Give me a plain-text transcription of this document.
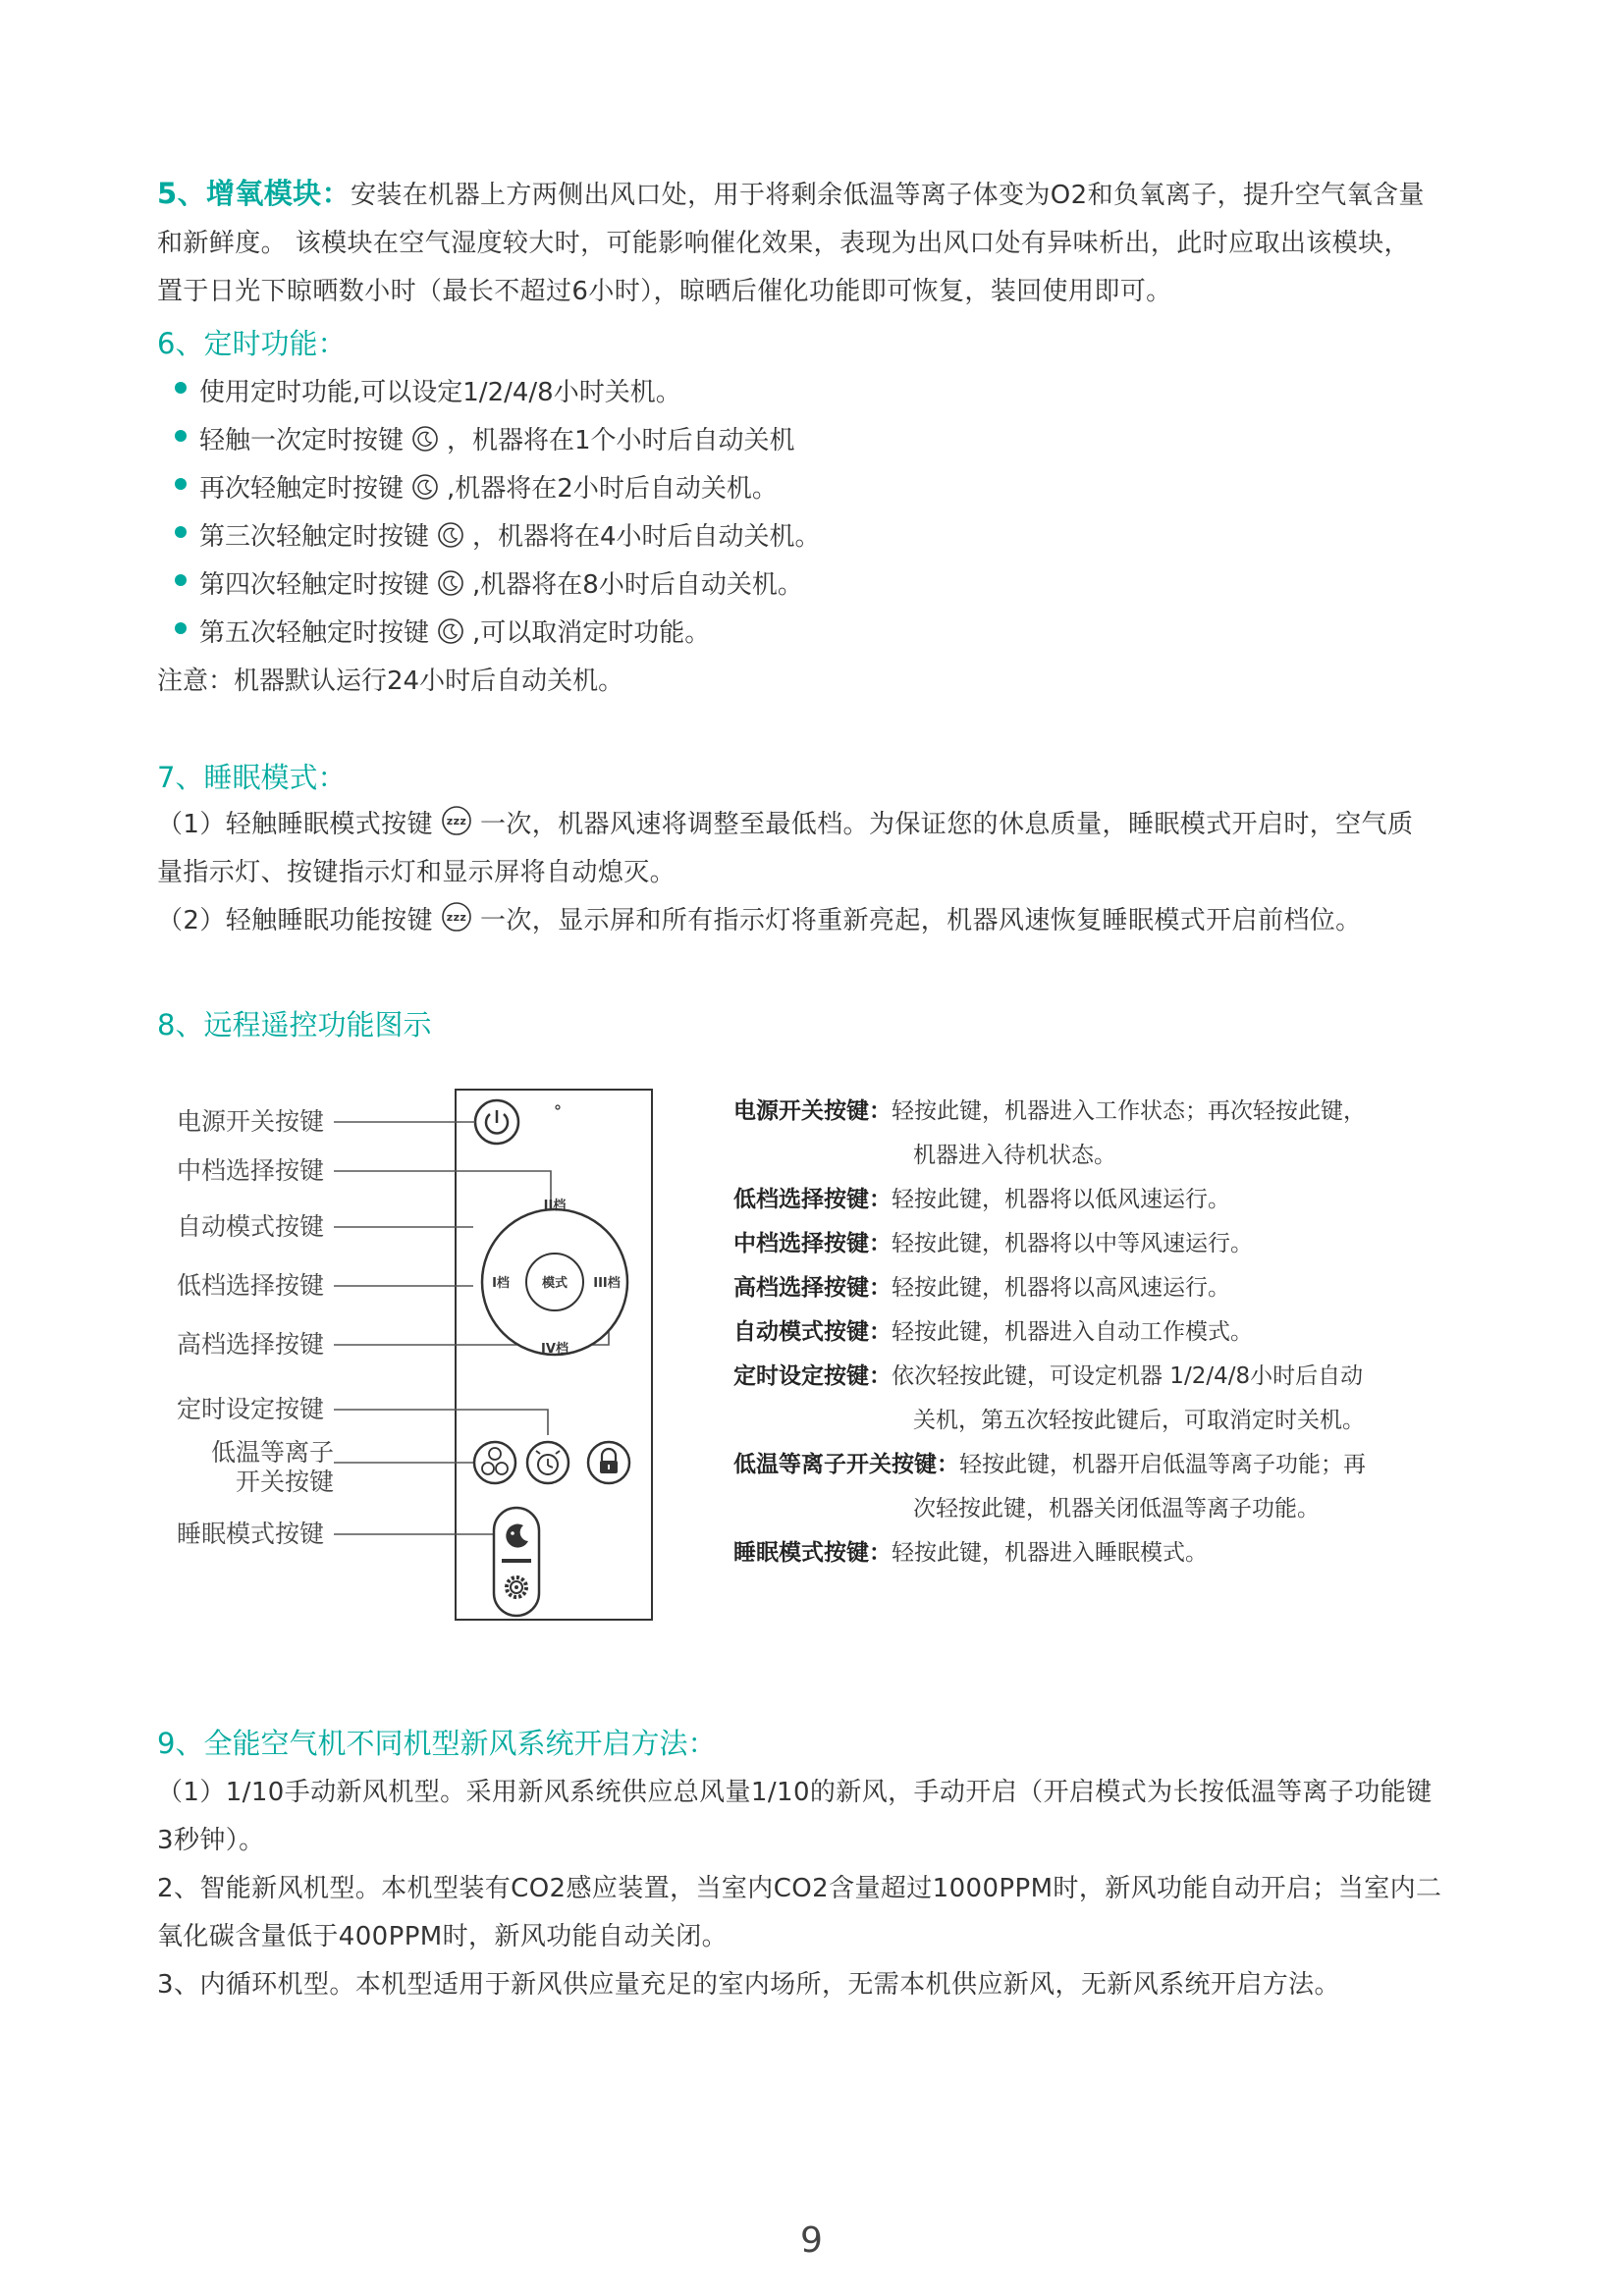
5、增氧模块：安装在机器上方两侧出风口处，用于将剩余低温等离子体变为O2和负氧离子，提升空气氧含量
和新鲜度。 该模块在空气湿度较大时，可能影响催化效果，表现为出风口处有异味析出，此时应取出该模块，
置于日光下晾晒数小时（最长不超过6小时），晾晒后催化功能即可恢复，装回使用即可。
6、定时功能：
使用定时功能,可以设定1/2/4/8小时关机。
轻触一次定时按键 ，机器将在1个小时后自动关机
再次轻触定时按键 ,机器将在2小时后自动关机。
第三次轻触定时按键 ，机器将在4小时后自动关机。
第四次轻触定时按键 ,机器将在8小时后自动关机。
第五次轻触定时按键 ,可以取消定时功能。
注意：机器默认运行24小时后自动关机。
7、睡眠模式：
（1）轻触睡眠模式按键 zzz 一次，机器风速将调整至最低档。为保证您的休息质量，睡眠模式开启时，空气质
量指示灯、按键指示灯和显示屏将自动熄灭。
（2）轻触睡眠功能按键 zzz 一次，显示屏和所有指示灯将重新亮起，机器风速恢复睡眠模式开启前档位。
8、远程遥控功能图示
II档
I档	模式 III档
IV档
电源开关按键
中档选择按键
自动模式按键
低档选择按键
高档选择按键
定时设定按键
低温等离子
开关按键
睡眠模式按键
电源开关按键：轻按此键，机器进入工作状态；再次轻按此键，
机器进入待机状态。
低档选择按键：轻按此键，机器将以低风速运行。
中档选择按键：轻按此键，机器将以中等风速运行。
高档选择按键：轻按此键，机器将以高风速运行。
自动模式按键：轻按此键，机器进入自动工作模式。
定时设定按键：依次轻按此键，可设定机器 1/2/4/8小时后自动
关机，第五次轻按此键后，可取消定时关机。
低温等离子开关按键：轻按此键，机器开启低温等离子功能；再
次轻按此键，机器关闭低温等离子功能。
睡眠模式按键：轻按此键，机器进入睡眠模式。
9、全能空气机不同机型新风系统开启方法：
（1）1/10手动新风机型。采用新风系统供应总风量1/10的新风，手动开启（开启模式为长按低温等离子功能键
3秒钟）。
2、智能新风机型。本机型装有CO2感应装置，当室内CO2含量超过1000PPM时，新风功能自动开启；当室内二
氧化碳含量低于400PPM时，新风功能自动关闭。
3、内循环机型。本机型适用于新风供应量充足的室内场所，无需本机供应新风，无新风系统开启方法。
9
